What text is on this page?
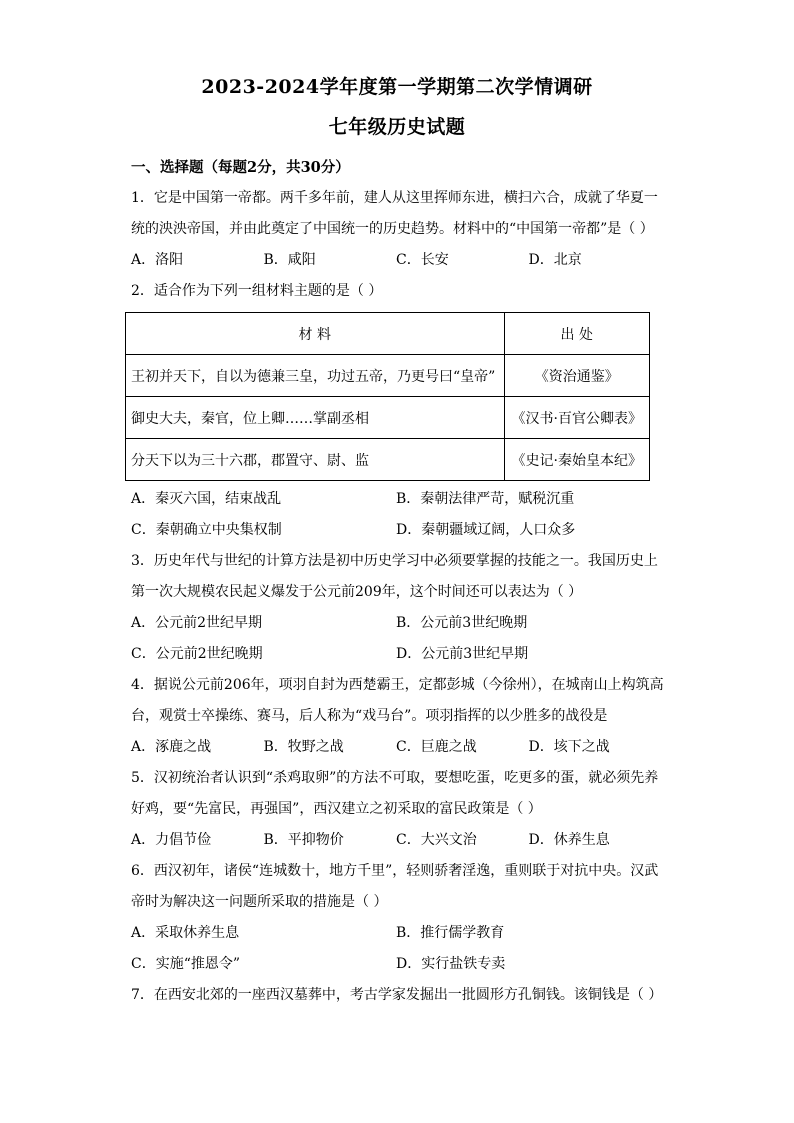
2023-2024学年度第一学期第二次学情调研
七年级历史试题
一、选择题（每题2分，共30分）
1．它是中国第一帝都。两千多年前，建人从这里挥师东进，横扫六合，成就了华夏一
统的泱泱帝国，并由此奠定了中国统一的历史趋势。材料中的“中国第一帝都”是（ ）
A．洛阳	B．咸阳	C．长安	D．北京
2．适合作为下列一组材料主题的是（ ）
材 料	出 处
王初并天下，自以为德兼三皇，功过五帝，乃更号曰“皇帝”	《资治通鉴》
御史大夫，秦官，位上卿……掌副丞相	《汉书·百官公卿表》
分天下以为三十六郡，郡置守、尉、监	《史记·秦始皇本纪》
A．秦灭六国，结束战乱	B．秦朝法律严苛，赋税沉重
C．秦朝确立中央集权制	D．秦朝疆域辽阔，人口众多
3．历史年代与世纪的计算方法是初中历史学习中必须要掌握的技能之一。我国历史上
第一次大规模农民起义爆发于公元前209年，这个时间还可以表达为（ ）
A．公元前2世纪早期	B．公元前3世纪晚期
C．公元前2世纪晚期	D．公元前3世纪早期
4．据说公元前206年，项羽自封为西楚霸王，定都彭城（今徐州），在城南山上构筑高
台，观赏士卒操练、赛马，后人称为“戏马台”。项羽指挥的以少胜多的战役是
A．涿鹿之战	B．牧野之战	C．巨鹿之战	D．垓下之战
5．汉初统治者认识到“杀鸡取卵”的方法不可取，要想吃蛋，吃更多的蛋，就必须先养
好鸡，要“先富民，再强国”，西汉建立之初采取的富民政策是（ ）
A．力倡节俭	B．平抑物价	C．大兴文治	D．休养生息
6．西汉初年，诸侯“连城数十，地方千里”，轻则骄奢淫逸，重则联于对抗中央。汉武
帝时为解决这一问题所采取的措施是（ ）
A．采取休养生息	B．推行儒学教育
C．实施“推恩令”	D．实行盐铁专卖
7．在西安北郊的一座西汉墓葬中，考古学家发掘出一批圆形方孔铜钱。该铜钱是（ ）
